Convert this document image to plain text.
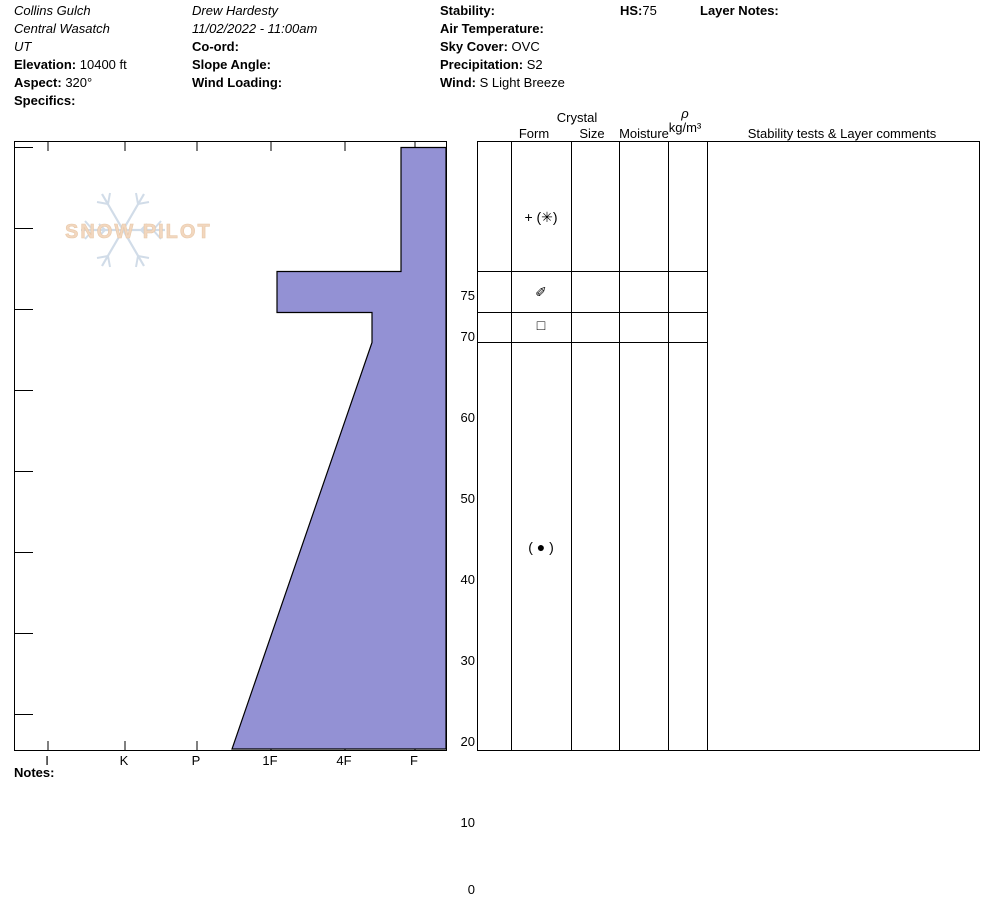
Collins Gulch
Central Wasatch
UT
Elevation: 10400 ft
Aspect: 320°
Specifics:
Drew Hardesty
11/02/2022 - 11:00am
Co-ord:
Slope Angle:
Wind Loading:
Stability:
Air Temperature:
Sky Cover: OVC
Precipitation: S2
Wind: S Light Breeze
HS:75	Layer Notes:
SNOW PILOT
75
70
60
50
40
30
20
10
0
I	K	P	1F	4F	F
Crystal
Form	Size	Moisture
ρ
kg/m³	Stability tests & Layer comments
+ (✳)
✐
□
( ● )
Notes:
